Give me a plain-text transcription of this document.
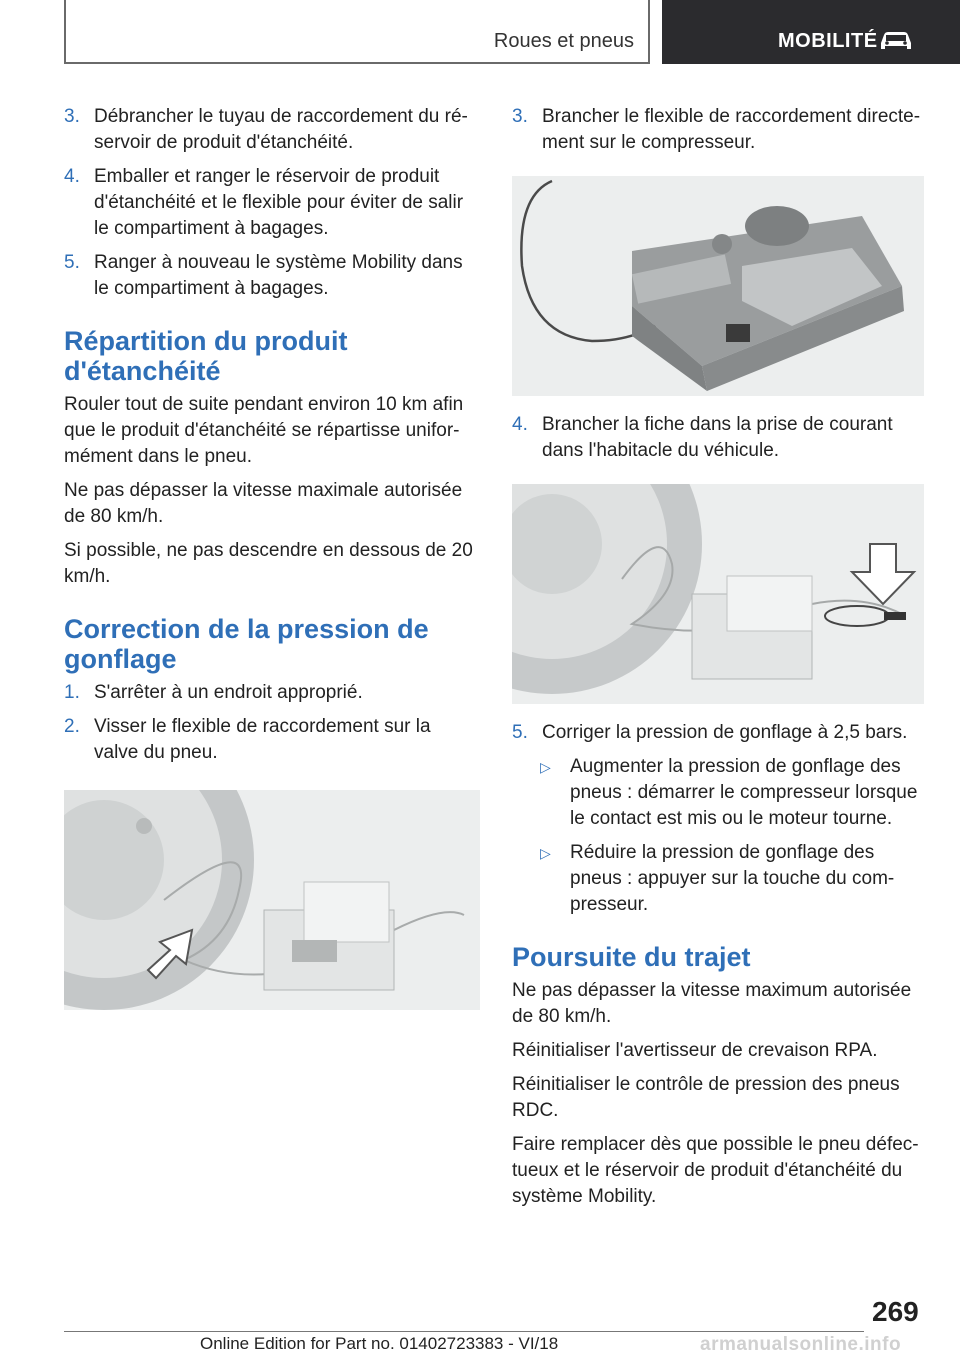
Roues et pneus	MOBILITÉ
3. Débrancher le tuyau de raccordement du réservoir de produit d'étanchéité.
4. Emballer et ranger le réservoir de produit d'étanchéité et le flexible pour éviter de salir le compartiment à bagages.
5. Ranger à nouveau le système Mobility dans le compartiment à bagages.
Répartition du produit d'étanchéité

Rouler tout de suite pendant environ 10 km afin que le produit d'étanchéité se répartisse uniformément dans le pneu.

Ne pas dépasser la vitesse maximale autorisée de 80 km/h.

Si possible, ne pas descendre en dessous de 20 km/h.

Correction de la pression de gonflage
1. S'arrêter à un endroit approprié.
2. Visser le flexible de raccordement sur la valve du pneu.
3. Brancher le flexible de raccordement directement sur le compresseur.
4. Brancher la fiche dans la prise de courant dans l'habitacle du véhicule.
5. Corriger la pression de gonflage à 2,5 bars.
▷ Augmenter la pression de gonflage des pneus : démarrer le compresseur lorsque le contact est mis ou le moteur tourne.
▷ Réduire la pression de gonflage des pneus : appuyer sur la touche du compresseur.
Poursuite du trajet

Ne pas dépasser la vitesse maximum autorisée de 80 km/h.

Réinitialiser l'avertisseur de crevaison RPA.

Réinitialiser le contrôle de pression des pneus RDC.

Faire remplacer dès que possible le pneu défectueux et le réservoir de produit d'étanchéité du système Mobility.

269
Online Edition for Part no. 01402723383 - VI/18	armanualsonline.info
